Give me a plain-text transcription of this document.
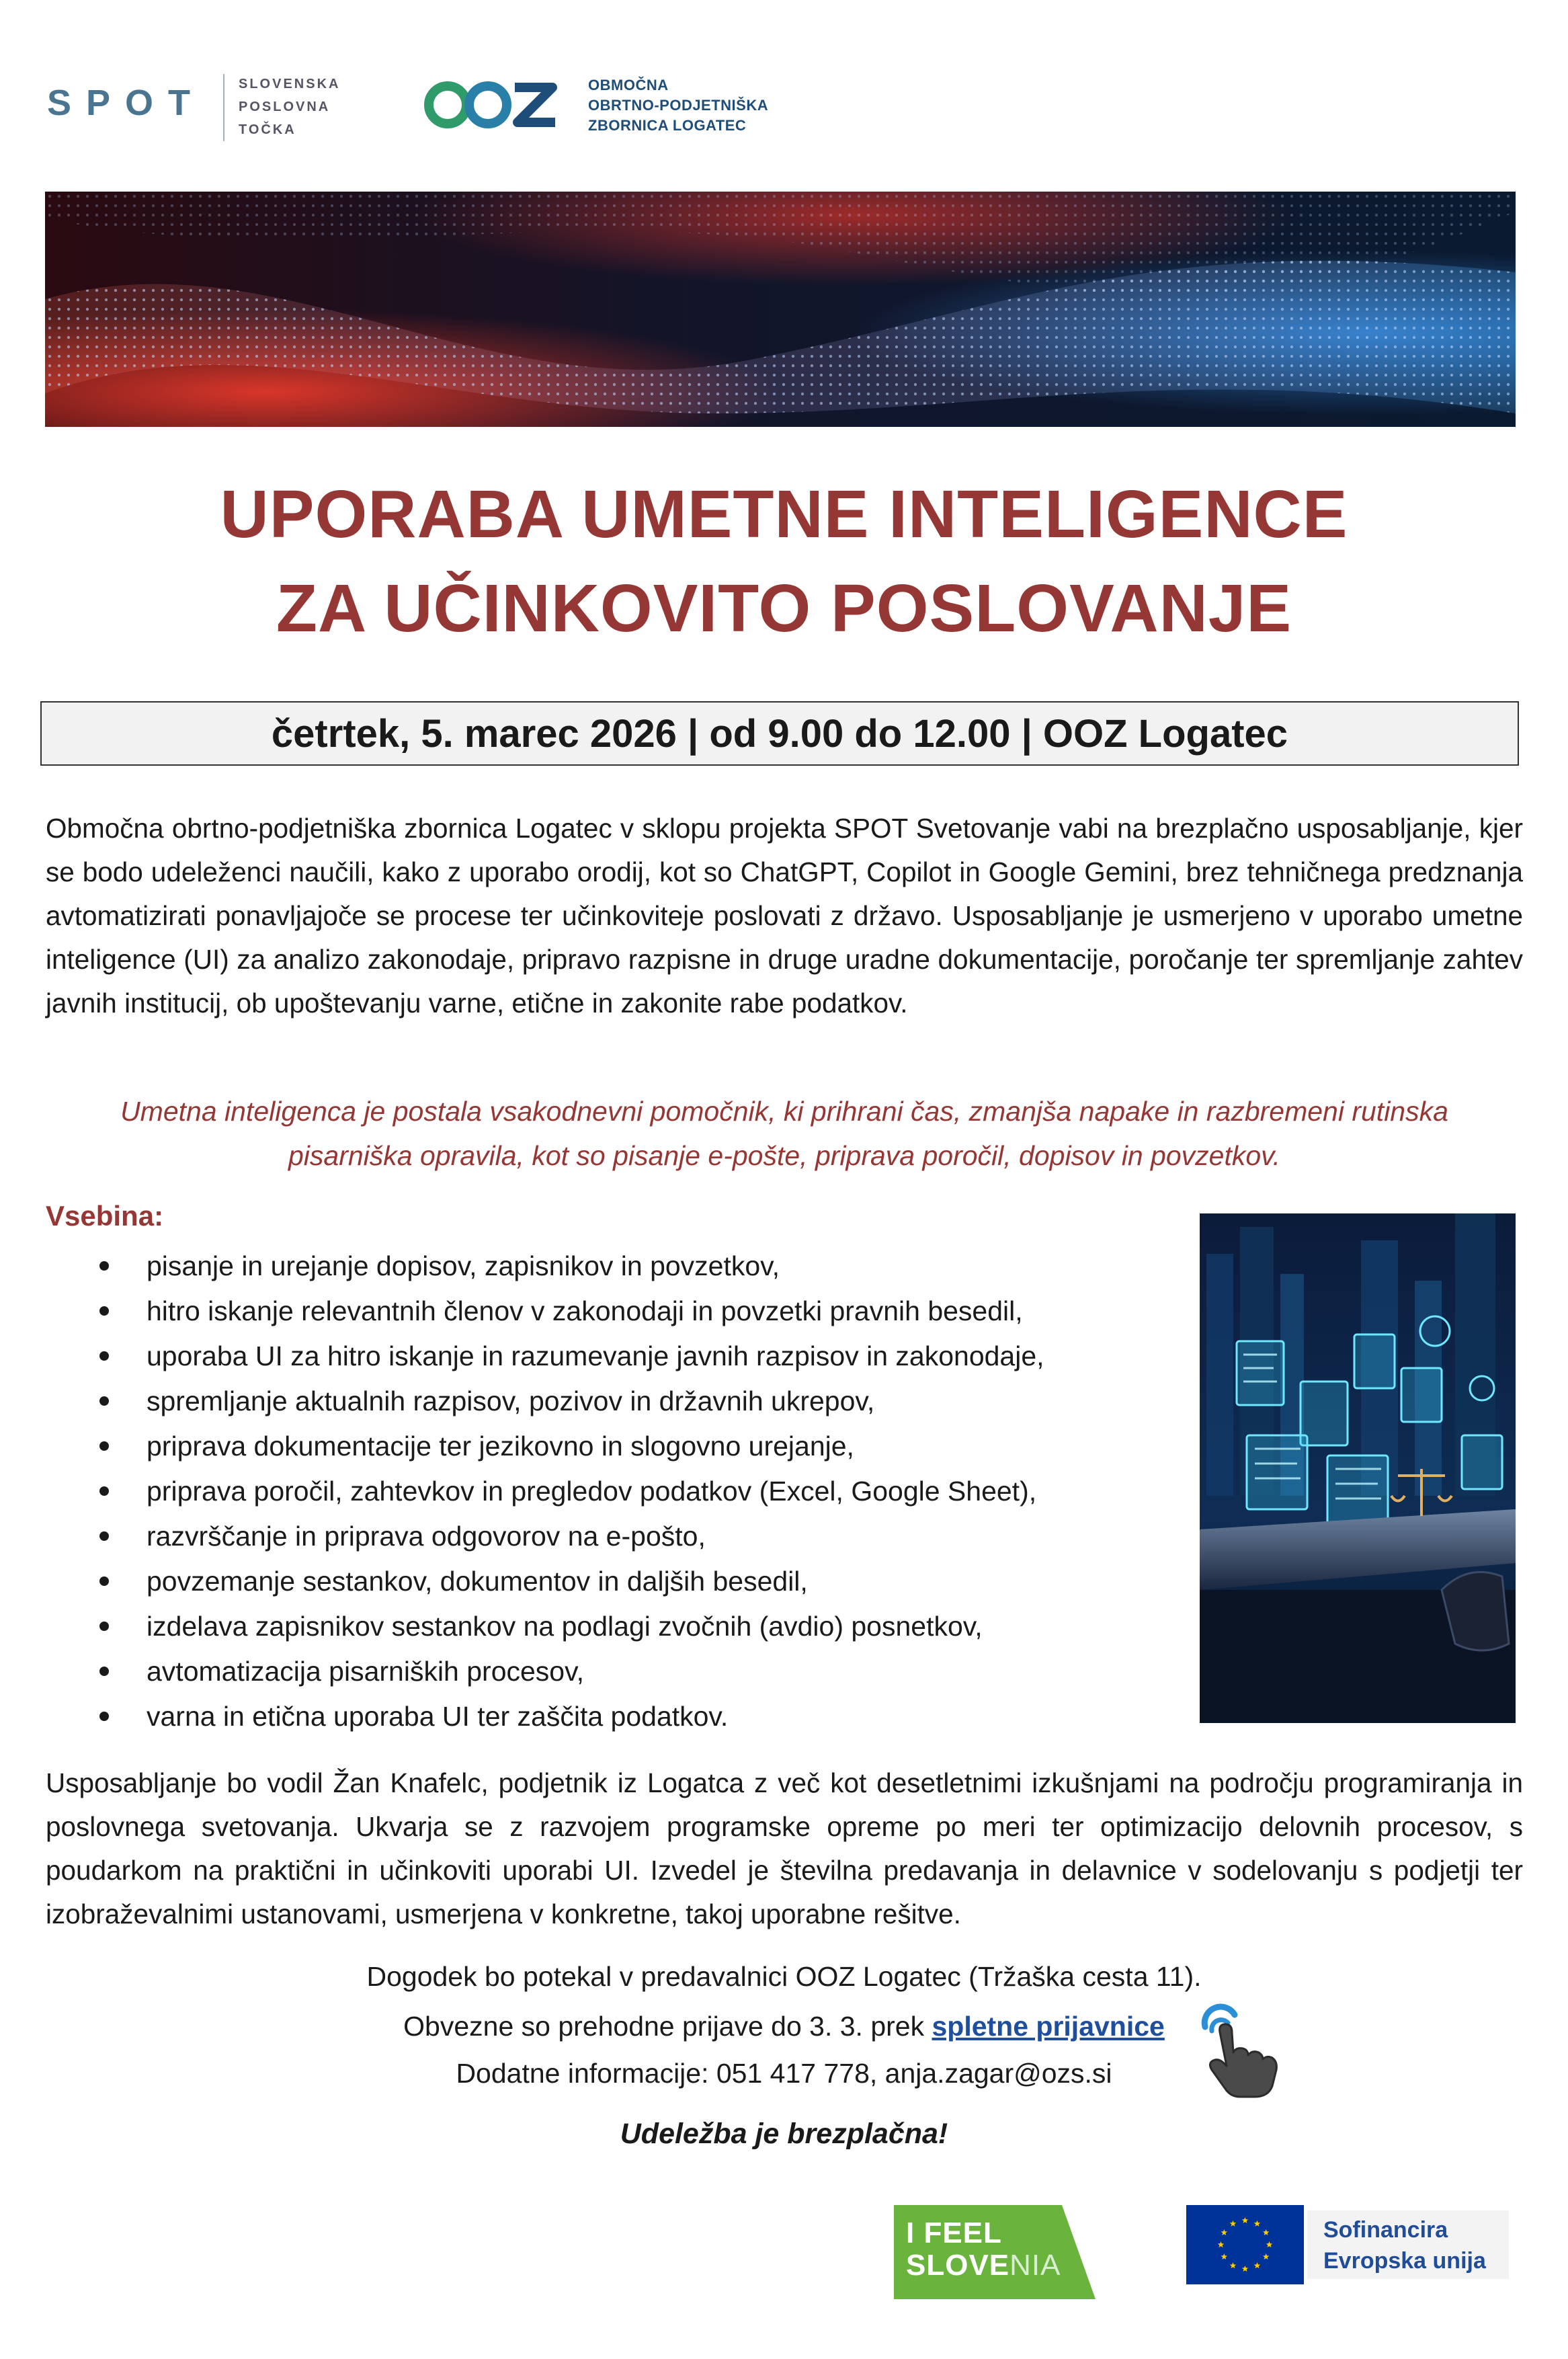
SPOT SLOVENSKA
POSLOVNA
TOČKA
OBMOČNA
OBRTNO-PODJETNIŠKA
ZBORNICA LOGATEC
UPORABA UMETNE INTELIGENCE
ZA UČINKOVITO POSLOVANJE
četrtek, 5. marec 2026 | od 9.00 do 12.00 | OOZ Logatec
Območna obrtno-podjetniška zbornica Logatec v sklopu projekta SPOT Svetovanje vabi na brezplačno usposabljanje, kjer se bodo udeleženci naučili, kako z uporabo orodij, kot so ChatGPT, Copilot in Google Gemini, brez tehničnega predznanja avtomatizirati ponavljajoče se procese ter učinkoviteje poslovati z državo. Usposabljanje je usmerjeno v uporabo umetne inteligence (UI) za analizo zakonodaje, pripravo razpisne in druge uradne dokumentacije, poročanje ter spremljanje zahtev javnih institucij, ob upoštevanju varne, etične in zakonite rabe podatkov.
Umetna inteligenca je postala vsakodnevni pomočnik, ki prihrani čas, zmanjša napake in razbremeni rutinska
pisarniška opravila, kot so pisanje e-pošte, priprava poročil, dopisov in povzetkov.
Vsebina:
pisanje in urejanje dopisov, zapisnikov in povzetkov,
hitro iskanje relevantnih členov v zakonodaji in povzetki pravnih besedil,
uporaba UI za hitro iskanje in razumevanje javnih razpisov in zakonodaje,
spremljanje aktualnih razpisov, pozivov in državnih ukrepov,
priprava dokumentacije ter jezikovno in slogovno urejanje,
priprava poročil, zahtevkov in pregledov podatkov (Excel, Google Sheet),
razvrščanje in priprava odgovorov na e-pošto,
povzemanje sestankov, dokumentov in daljših besedil,
izdelava zapisnikov sestankov na podlagi zvočnih (avdio) posnetkov,
avtomatizacija pisarniških procesov,
varna in etična uporaba UI ter zaščita podatkov.
Usposabljanje bo vodil Žan Knafelc, podjetnik iz Logatca z več kot desetletnimi izkušnjami na področju programiranja in poslovnega svetovanja. Ukvarja se z razvojem programske opreme po meri ter optimizacijo delovnih procesov, s poudarkom na praktični in učinkoviti uporabi UI. Izvedel je številna predavanja in delavnice v sodelovanju s podjetji ter izobraževalnimi ustanovami, usmerjena v konkretne, takoj uporabne rešitve.
Dogodek bo potekal v predavalnici OOZ Logatec (Tržaška cesta 11).
Obvezne so prehodne prijave do 3. 3. prek spletne prijavnice
Dodatne informacije: 051 417 778, anja.zagar@ozs.si
Udeležba je brezplačna!
I FEEL
SLOVENIA
Sofinancira
Evropska unija
